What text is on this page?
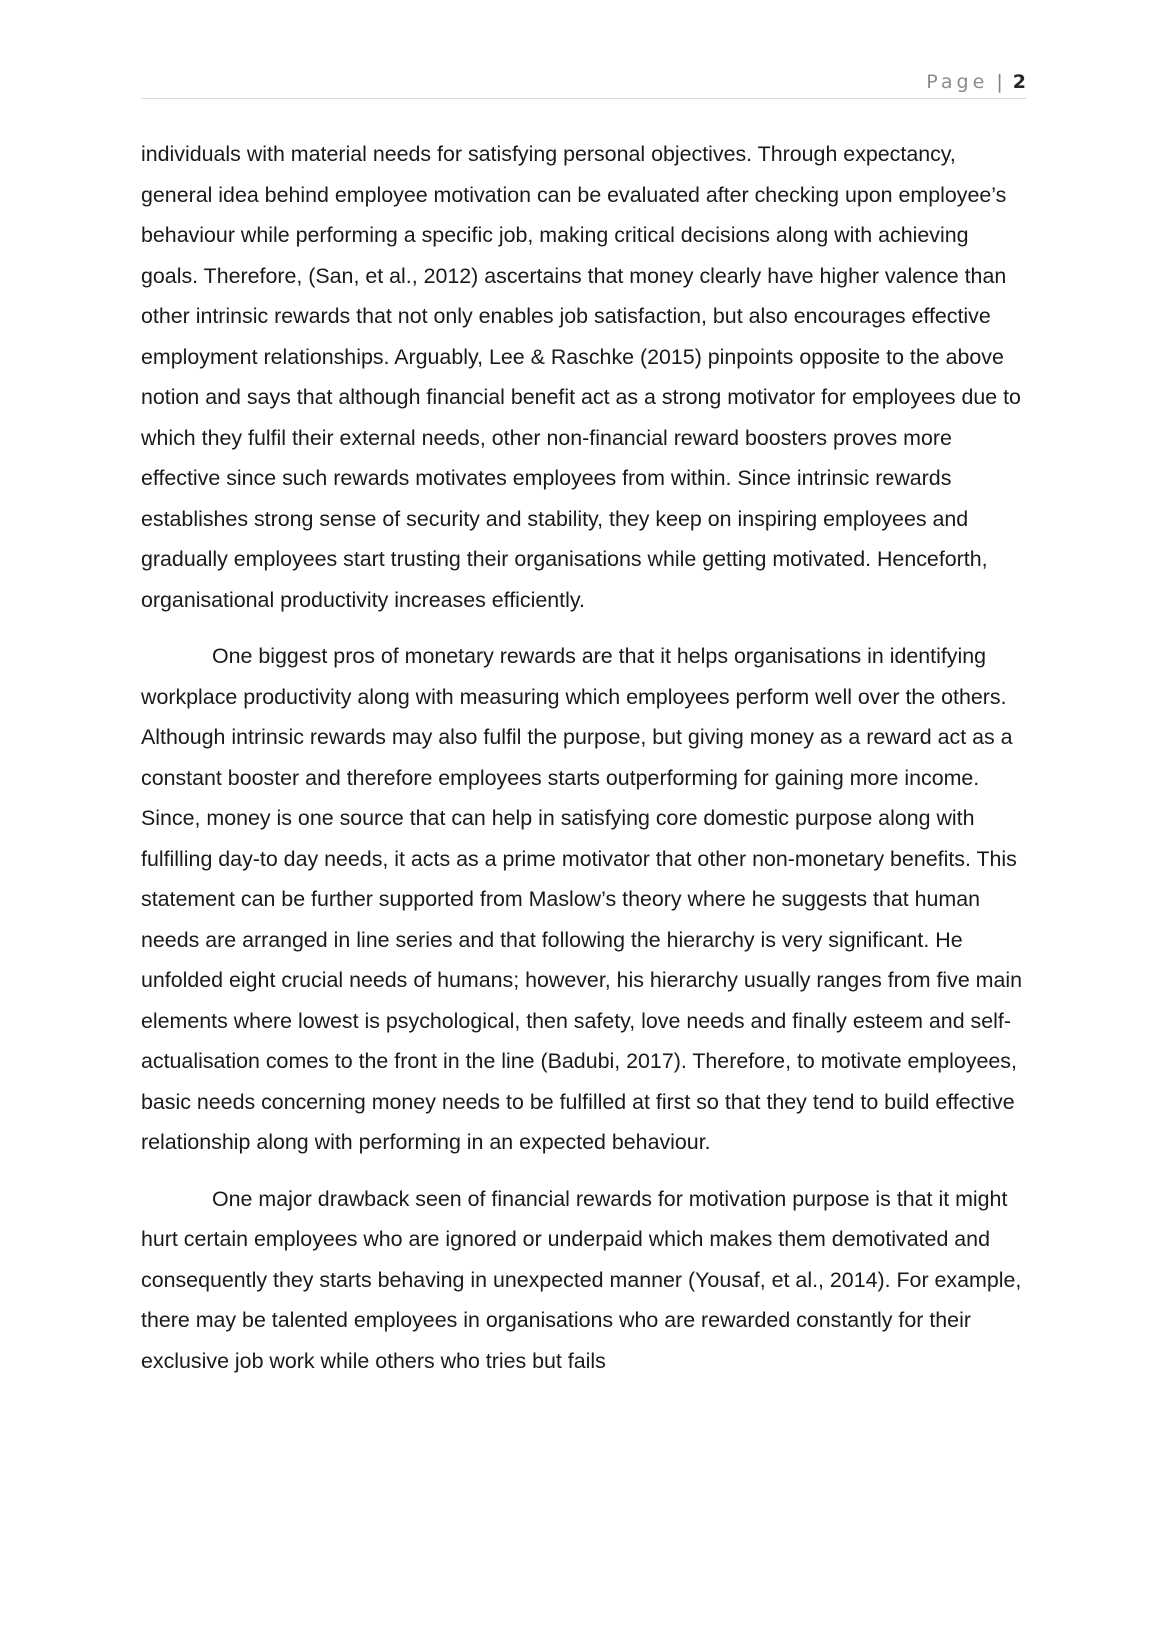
Page | 2

individuals with material needs for satisfying personal objectives. Through expectancy, general idea behind employee motivation can be evaluated after checking upon employee’s behaviour while performing a specific job, making critical decisions along with achieving goals. Therefore, (San, et al., 2012) ascertains that money clearly have higher valence than other intrinsic rewards that not only enables job satisfaction, but also encourages effective employment relationships. Arguably, Lee & Raschke (2015) pinpoints opposite to the above notion and says that although financial benefit act as a strong motivator for employees due to which they fulfil their external needs, other non-financial reward boosters proves more effective since such rewards motivates employees from within. Since intrinsic rewards establishes strong sense of security and stability, they keep on inspiring employees and gradually employees start trusting their organisations while getting motivated. Henceforth, organisational productivity increases efficiently.

One biggest pros of monetary rewards are that it helps organisations in identifying workplace productivity along with measuring which employees perform well over the others. Although intrinsic rewards may also fulfil the purpose, but giving money as a reward act as a constant booster and therefore employees starts outperforming for gaining more income. Since, money is one source that can help in satisfying core domestic purpose along with fulfilling day-to day needs, it acts as a prime motivator that other non-monetary benefits. This statement can be further supported from Maslow’s theory where he suggests that human needs are arranged in line series and that following the hierarchy is very significant. He unfolded eight crucial needs of humans; however, his hierarchy usually ranges from five main elements where lowest is psychological, then safety, love needs and finally esteem and self-actualisation comes to the front in the line (Badubi, 2017). Therefore, to motivate employees, basic needs concerning money needs to be fulfilled at first so that they tend to build effective relationship along with performing in an expected behaviour.

One major drawback seen of financial rewards for motivation purpose is that it might hurt certain employees who are ignored or underpaid which makes them demotivated and consequently they starts behaving in unexpected manner (Yousaf, et al., 2014). For example, there may be talented employees in organisations who are rewarded constantly for their exclusive job work while others who tries but fails
